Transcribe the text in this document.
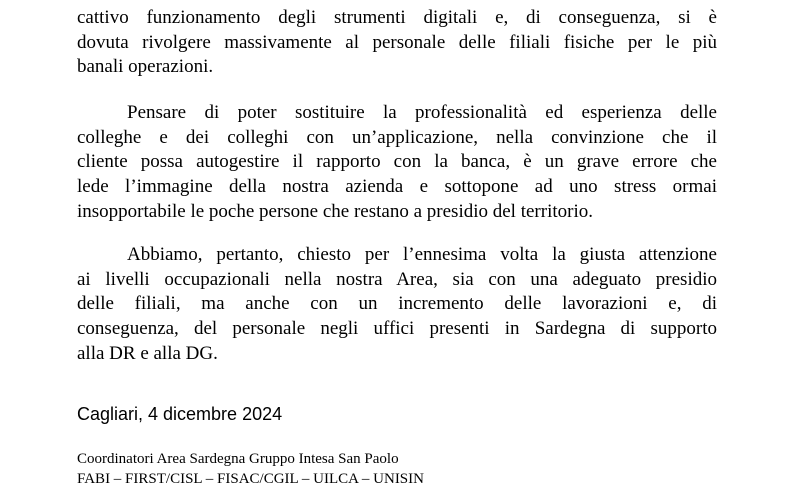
cattivo funzionamento degli strumenti digitali e, di conseguenza, si è
dovuta rivolgere massivamente al personale delle filiali fisiche per le più
banali operazioni.
Pensare di poter sostituire la professionalità ed esperienza delle
colleghe e dei colleghi con un’applicazione, nella convinzione che il
cliente possa autogestire il rapporto con la banca, è un grave errore che
lede l’immagine della nostra azienda e sottopone ad uno stress ormai
insopportabile le poche persone che restano a presidio del territorio.
Abbiamo, pertanto, chiesto per l’ennesima volta la giusta attenzione
ai livelli occupazionali nella nostra Area, sia con una adeguato presidio
delle filiali, ma anche con un incremento delle lavorazioni e, di
conseguenza, del personale negli uffici presenti in Sardegna di supporto
alla DR e alla DG.

Cagliari, 4 dicembre 2024

Coordinatori Area Sardegna Gruppo Intesa San Paolo
FABI – FIRST/CISL – FISAC/CGIL – UILCA – UNISIN
